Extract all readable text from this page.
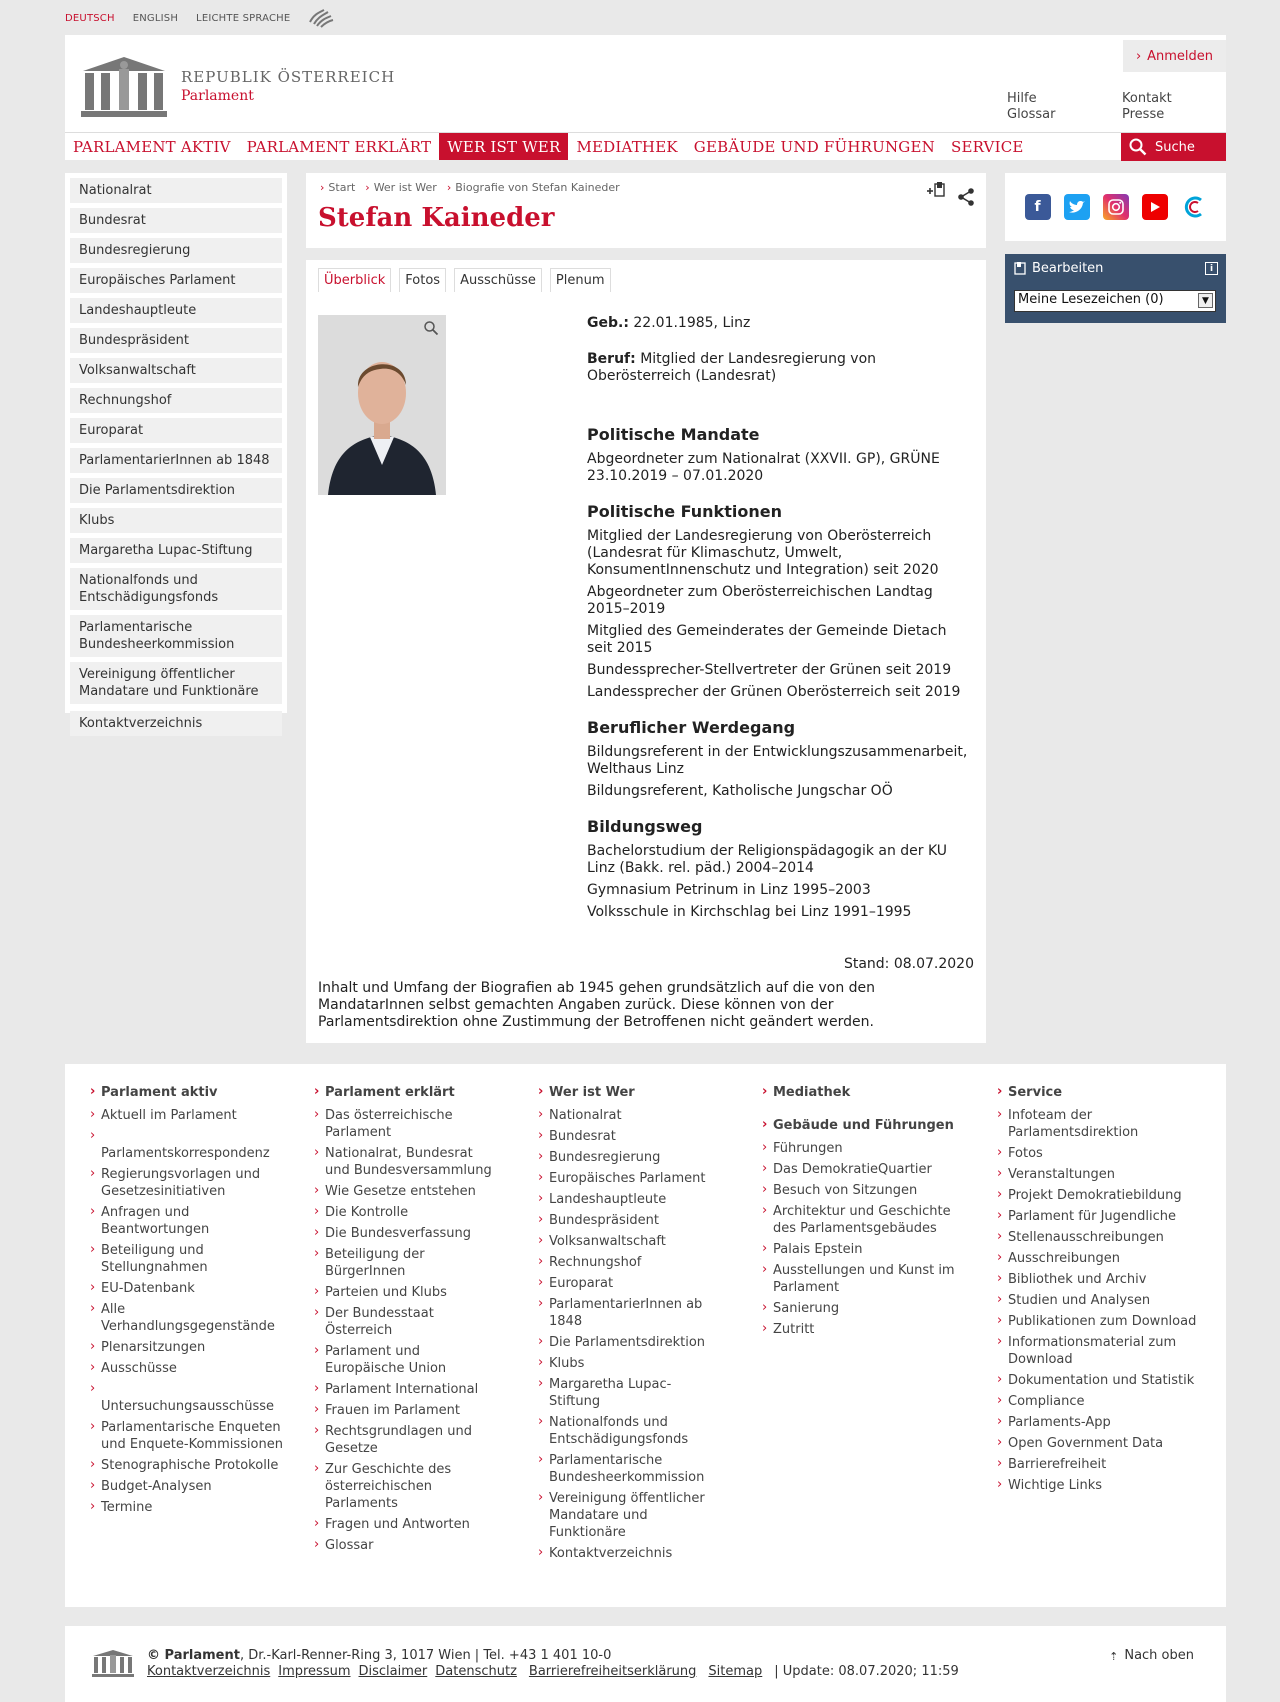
DEUTSCH ENGLISH LEICHTE SPRACHE
REPUBLIK ÖSTERREICH
Parlament
› Anmelden
Hilfe
Glossar
Kontakt
Presse
PARLAMENT AKTIV	PARLAMENT ERKLÄRT	WER IST WER	MEDIATHEK	GEBÄUDE UND FÜHRUNGEN	SERVICE	Suche
Nationalrat
Bundesrat
Bundesregierung
Europäisches Parlament
Landeshauptleute
Bundespräsident
Volksanwaltschaft
Rechnungshof
Europarat
ParlamentarierInnen ab 1848
Die Parlamentsdirektion
Klubs
Margaretha Lupac-Stiftung
Nationalfonds und Entschädigungsfonds
Parlamentarische Bundesheerkommission
Vereinigung öffentlicher Mandatare und Funktionäre
Kontaktverzeichnis
› Start	› Wer ist Wer	› Biografie von Stefan Kaineder
Stefan Kaineder
Überblick	Fotos	Ausschüsse	Plenum

Geb.: 22.01.1985, Linz

Beruf: Mitglied der Landesregierung von Oberösterreich (Landesrat)

Politische Mandate

Abgeordneter zum Nationalrat (XXVII. GP), GRÜNE 23.10.2019 – 07.01.2020

Politische Funktionen

Mitglied der Landesregierung von Oberösterreich (Landesrat für Klimaschutz, Umwelt, KonsumentInnenschutz und Integration) seit 2020

Abgeordneter zum Oberösterreichischen Landtag 2015–2019

Mitglied des Gemeinderates der Gemeinde Dietach seit 2015

Bundessprecher-Stellvertreter der Grünen seit 2019

Landessprecher der Grünen Oberösterreich seit 2019

Beruflicher Werdegang

Bildungsreferent in der Entwicklungszusammenarbeit, Welthaus Linz

Bildungsreferent, Katholische Jungschar OÖ

Bildungsweg

Bachelorstudium der Religionspädagogik an der KU Linz (Bakk. rel. päd.) 2004–2014

Gymnasium Petrinum in Linz 1995–2003

Volksschule in Kirchschlag bei Linz 1991–1995

Stand: 08.07.2020
Inhalt und Umfang der Biografien ab 1945 gehen grundsätzlich auf die von den MandatarInnen selbst gemachten Angaben zurück. Diese können von der Parlamentsdirektion ohne Zustimmung der Betroffenen nicht geändert werden.
f
Bearbeiten	i
Meine Lesezeichen (0)	▼
› Parlament aktiv
› Aktuell im Parlament

› Parlamentskorrespondenz
› Regierungsvorlagen und Gesetzesinitiativen
› Anfragen und Beantwortungen
› Beteiligung und Stellungnahmen
› EU-Datenbank
› Alle Verhandlungsgegenstände
› Plenarsitzungen
› Ausschüsse

› Untersuchungsausschüsse
› Parlamentarische Enqueten und Enquete-Kommissionen
› Stenographische Protokolle
› Budget-Analysen
› Termine
› Parlament erklärt
› Das österreichische Parlament
› Nationalrat, Bundesrat und Bundesversammlung
› Wie Gesetze entstehen
› Die Kontrolle
› Die Bundesverfassung
› Beteiligung der BürgerInnen
› Parteien und Klubs
› Der Bundesstaat Österreich
› Parlament und Europäische Union
› Parlament International
› Frauen im Parlament
› Rechtsgrundlagen und Gesetze
› Zur Geschichte des österreichischen Parlaments
› Fragen und Antworten
› Glossar
› Wer ist Wer
› Nationalrat
› Bundesrat
› Bundesregierung
› Europäisches Parlament
› Landeshauptleute
› Bundespräsident
› Volksanwaltschaft
› Rechnungshof
› Europarat
› ParlamentarierInnen ab 1848
› Die Parlamentsdirektion
› Klubs
› Margaretha Lupac-Stiftung
› Nationalfonds und Entschädigungsfonds
› Parlamentarische Bundesheerkommission
› Vereinigung öffentlicher Mandatare und Funktionäre
› Kontaktverzeichnis
› Mediathek
› Gebäude und Führungen
› Führungen
› Das DemokratieQuartier
› Besuch von Sitzungen
› Architektur und Geschichte des Parlamentsgebäudes
› Palais Epstein
› Ausstellungen und Kunst im Parlament
› Sanierung
› Zutritt
› Service
› Infoteam der Parlamentsdirektion
› Fotos
› Veranstaltungen
› Projekt Demokratiebildung
› Parlament für Jugendliche
› Stellenausschreibungen
› Ausschreibungen
› Bibliothek und Archiv
› Studien und Analysen
› Publikationen zum Download
› Informationsmaterial zum Download
› Dokumentation und Statistik
› Compliance
› Parlaments-App
› Open Government Data
› Barrierefreiheit
› Wichtige Links
© Parlament, Dr.-Karl-Renner-Ring 3, 1017 Wien | Tel. +43 1 401 10-0
Kontaktverzeichnis Impressum Disclaimer Datenschutz Barrierefreiheitserklärung Sitemap | Update: 08.07.2020; 11:59
⇡ Nach oben
